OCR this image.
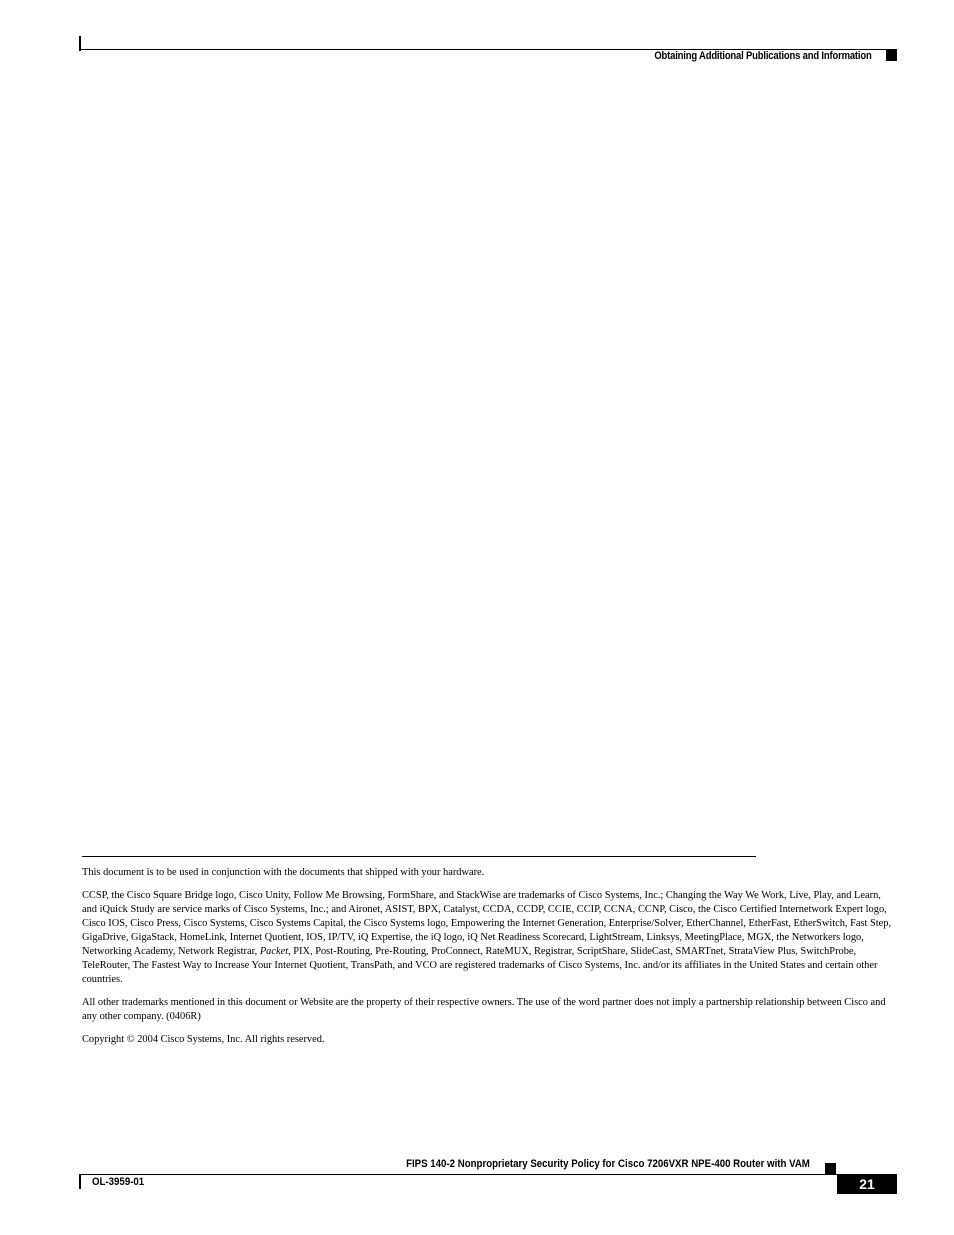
Obtaining Additional Publications and Information

This document is to be used in conjunction with the documents that shipped with your hardware.

CCSP, the Cisco Square Bridge logo, Cisco Unity, Follow Me Browsing, FormShare, and StackWise are trademarks of Cisco Systems, Inc.; Changing the Way We Work, Live, Play, and Learn, and iQuick Study are service marks of Cisco Systems, Inc.; and Aironet, ASIST, BPX, Catalyst, CCDA, CCDP, CCIE, CCIP, CCNA, CCNP, Cisco, the Cisco Certified Internetwork Expert logo, Cisco IOS, Cisco Press, Cisco Systems, Cisco Systems Capital, the Cisco Systems logo, Empowering the Internet Generation, Enterprise/Solver, EtherChannel, EtherFast, EtherSwitch, Fast Step, GigaDrive, GigaStack, HomeLink, Internet Quotient, IOS, IP/TV, iQ Expertise, the iQ logo, iQ Net Readiness Scorecard, LightStream, Linksys, MeetingPlace, MGX, the Networkers logo, Networking Academy, Network Registrar, Packet, PIX, Post-Routing, Pre-Routing, ProConnect, RateMUX, Registrar, ScriptShare, SlideCast, SMARTnet, StrataView Plus, SwitchProbe, TeleRouter, The Fastest Way to Increase Your Internet Quotient, TransPath, and VCO are registered trademarks of Cisco Systems, Inc. and/or its affiliates in the United States and certain other countries.

All other trademarks mentioned in this document or Website are the property of their respective owners. The use of the word partner does not imply a partnership relationship between Cisco and any other company. (0406R)

Copyright © 2004 Cisco Systems, Inc. All rights reserved.

FIPS 140-2 Nonproprietary Security Policy for Cisco 7206VXR NPE-400 Router with VAM
OL-3959-01	21
